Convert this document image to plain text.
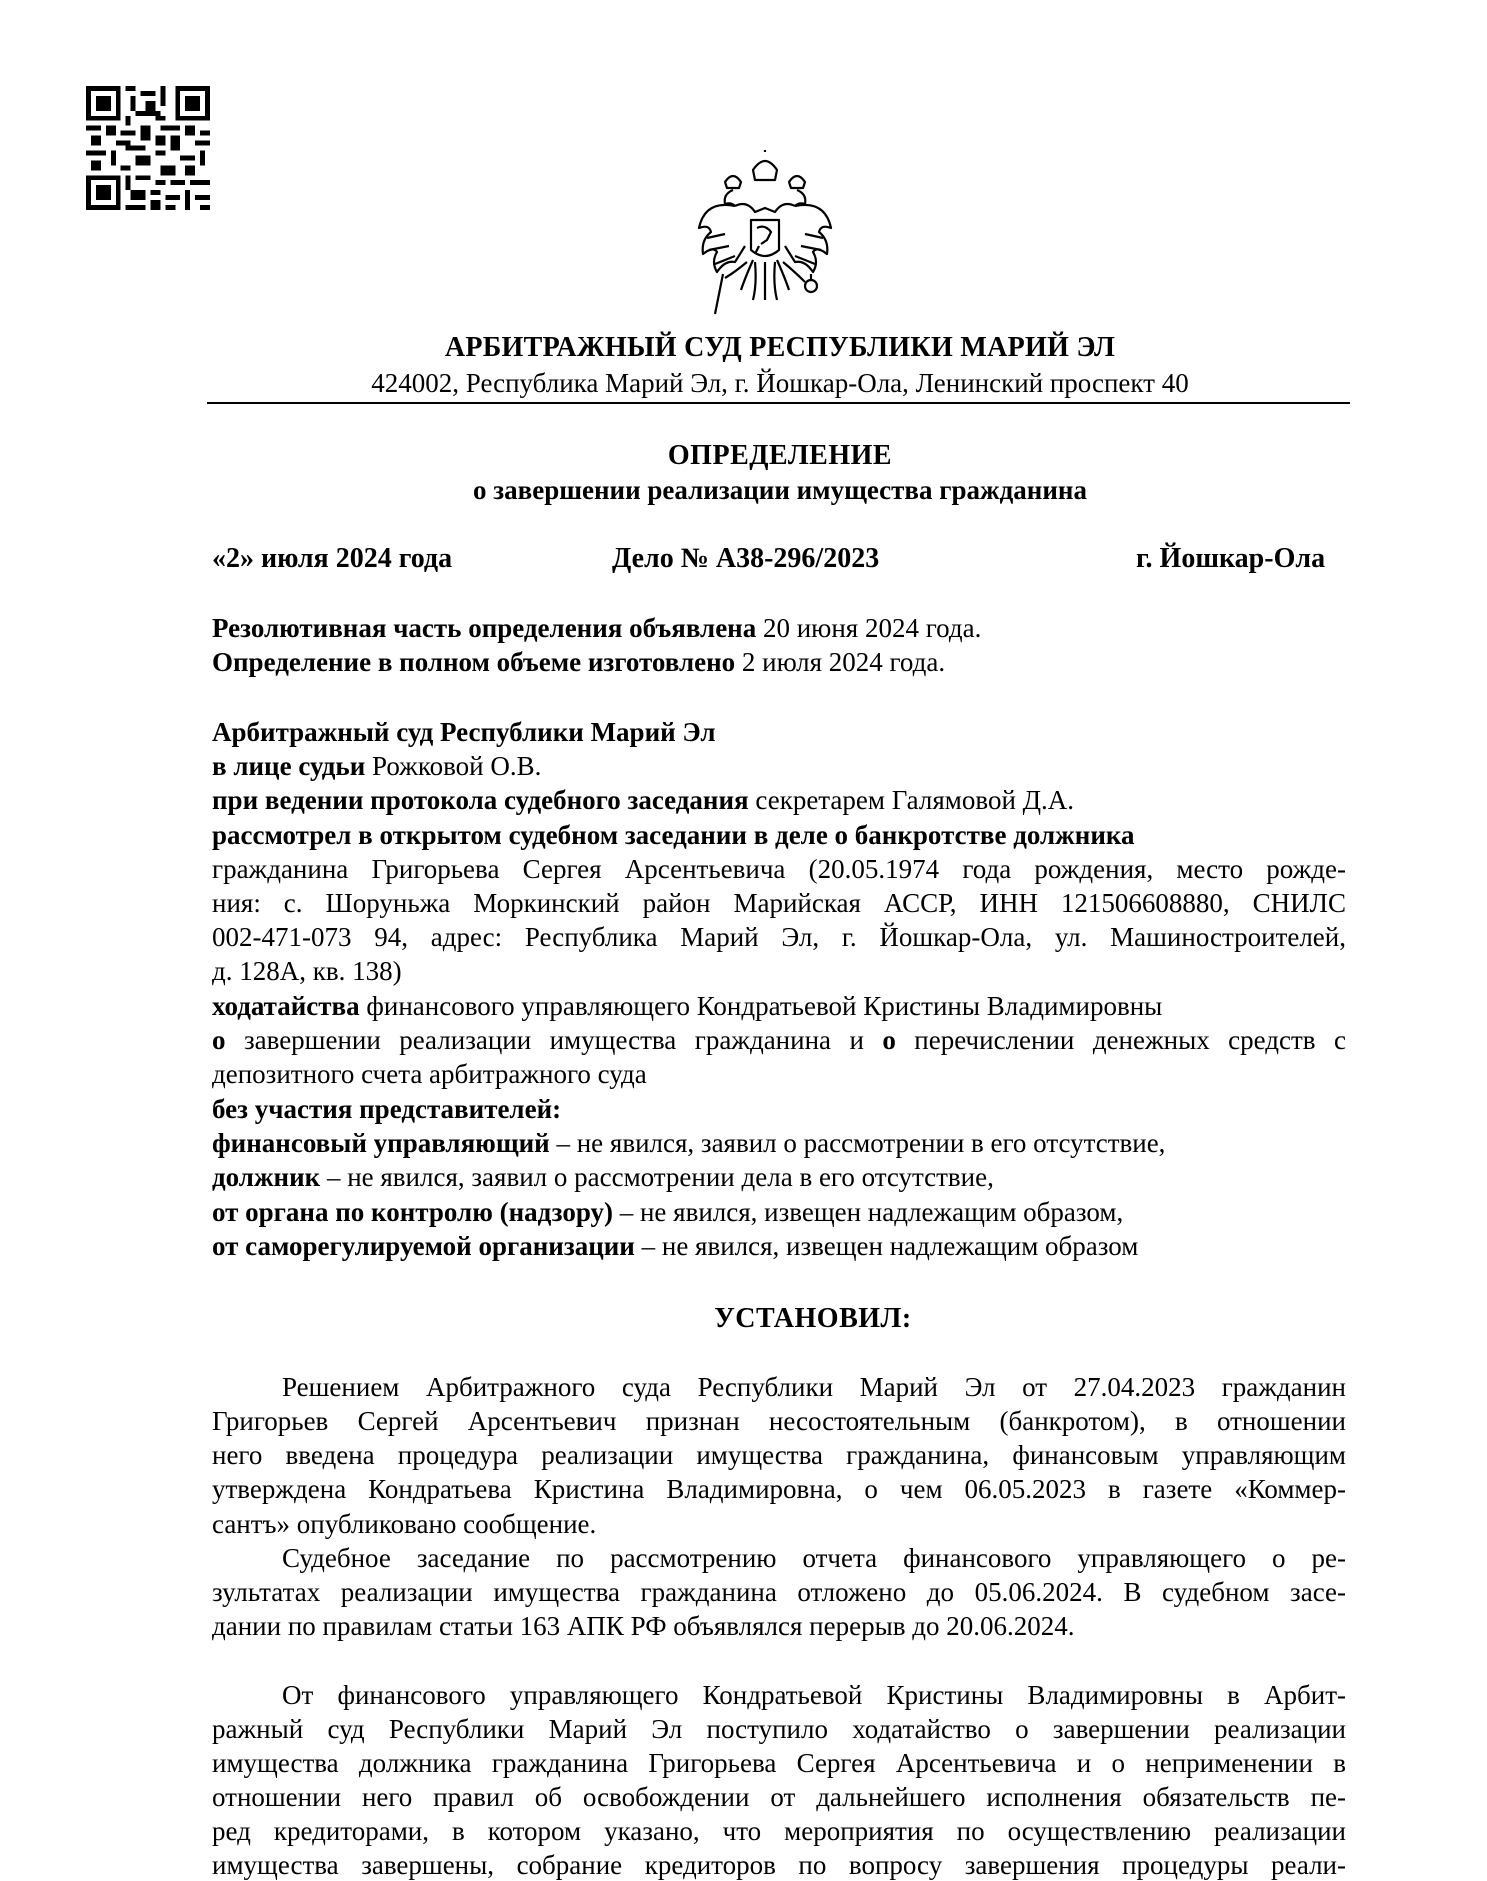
АРБИТРАЖНЫЙ СУД РЕСПУБЛИКИ МАРИЙ ЭЛ
424002, Республика Марий Эл, г. Йошкар-Ола, Ленинский проспект 40
ОПРЕДЕЛЕНИЕ
о завершении реализации имущества гражданина
«2» июля 2024 года	Дело № А38-296/2023	г. Йошкар-Ола
Резолютивная часть определения объявлена 20 июня 2024 года.
Определение в полном объеме изготовлено 2 июля 2024 года.
Арбитражный суд Республики Марий Эл
в лице судьи Рожковой О.В.
при ведении протокола судебного заседания секретарем Галямовой Д.А.
рассмотрел в открытом судебном заседании в деле о банкротстве должника
гражданина Григорьева Сергея Арсентьевича (20.05.1974 года рождения, место рожде-
ния: с. Шоруньжа Моркинский район Марийская АССР, ИНН 121506608880, СНИЛС
002-471-073 94, адрес: Республика Марий Эл, г. Йошкар-Ола, ул. Машиностроителей,
д. 128А, кв. 138)
ходатайства финансового управляющего Кондратьевой Кристины Владимировны
о завершении реализации имущества гражданина и о перечислении денежных средств с
депозитного счета арбитражного суда
без участия представителей:
финансовый управляющий – не явился, заявил о рассмотрении в его отсутствие,
должник – не явился, заявил о рассмотрении дела в его отсутствие,
от органа по контролю (надзору) – не явился, извещен надлежащим образом,
от саморегулируемой организации – не явился, извещен надлежащим образом
УСТАНОВИЛ:
Решением Арбитражного суда Республики Марий Эл от 27.04.2023 гражданин
Григорьев Сергей Арсентьевич признан несостоятельным (банкротом), в отношении
него введена процедура реализации имущества гражданина, финансовым управляющим
утверждена Кондратьева Кристина Владимировна, о чем 06.05.2023 в газете «Коммер-
сантъ» опубликовано сообщение.
Судебное заседание по рассмотрению отчета финансового управляющего о ре-
зультатах реализации имущества гражданина отложено до 05.06.2024. В судебном засе-
дании по правилам статьи 163 АПК РФ объявлялся перерыв до 20.06.2024.
От финансового управляющего Кондратьевой Кристины Владимировны в Арбит-
ражный суд Республики Марий Эл поступило ходатайство о завершении реализации
имущества должника гражданина Григорьева Сергея Арсентьевича и о неприменении в
отношении него правил об освобождении от дальнейшего исполнения обязательств пе-
ред кредиторами, в котором указано, что мероприятия по осуществлению реализации
имущества завершены, собрание кредиторов по вопросу завершения процедуры реали-
